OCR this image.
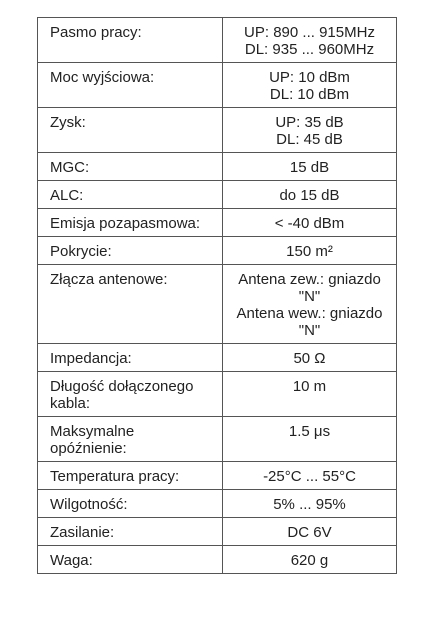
Pasmo pracy:	UP: 890 ... 915MHz
DL: 935 ... 960MHz

Moc wyjściowa:	UP: 10 dBm
DL: 10 dBm

Zysk:	UP: 35 dB
DL: 45 dB

MGC:	15 dB

ALC:	do 15 dB

Emisja pozapasmowa:	< -40 dBm

Pokrycie:	150 m²

Złącza antenowe:	Antena zew.: gniazdo "N"
Antena wew.: gniazdo "N"

Impedancja:	50 Ω

Długość dołączonego kabla:	10 m

Maksymalne opóźnienie:	1.5 μs

Temperatura pracy:	-25°C ... 55°C

Wilgotność:	5% ... 95%

Zasilanie:	DC 6V

Waga:	620 g
